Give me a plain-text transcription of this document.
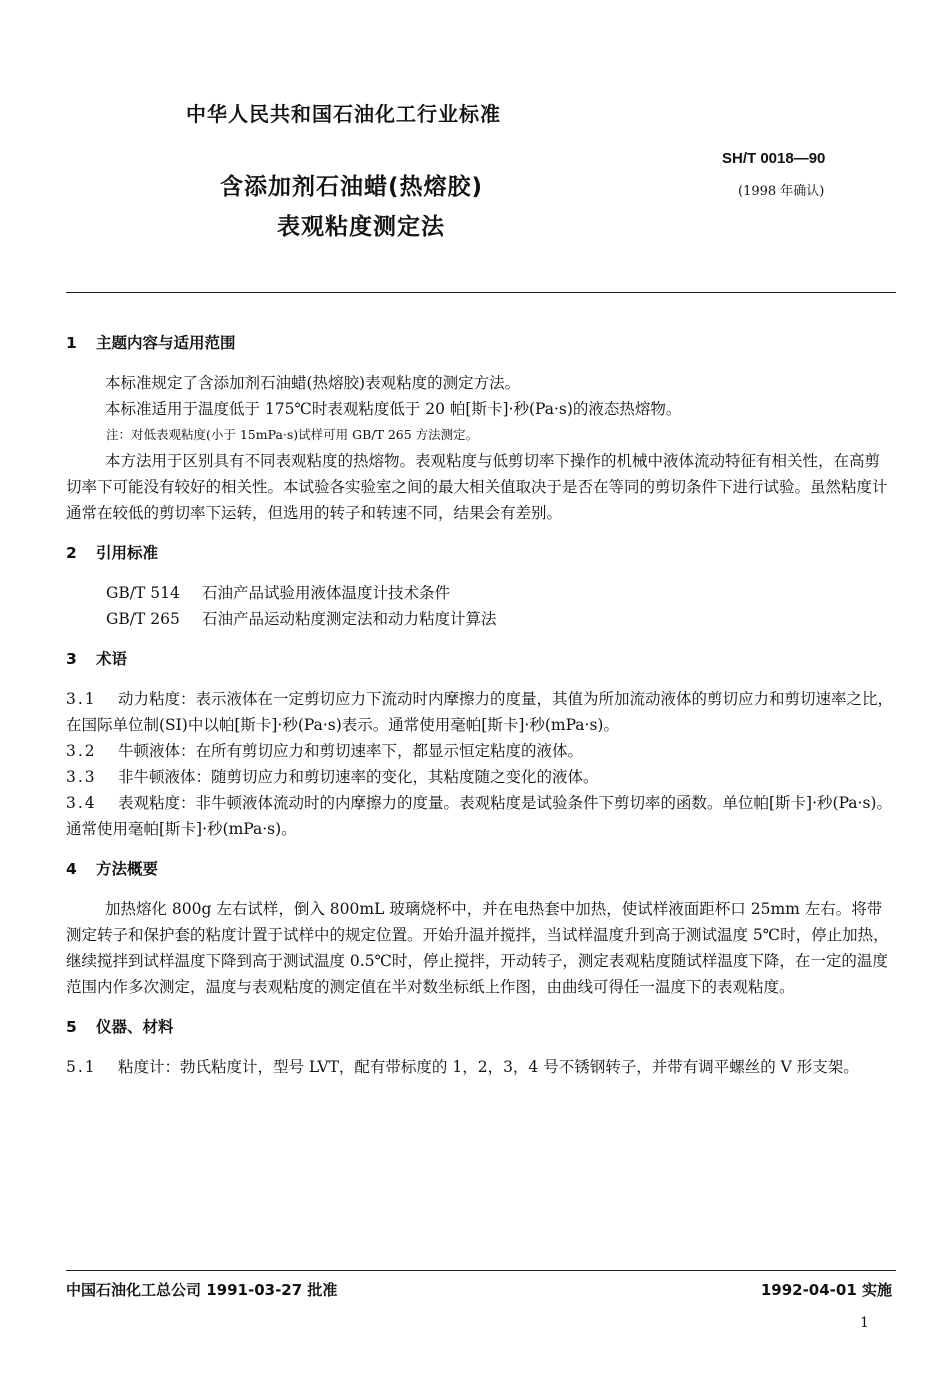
中华人民共和国石油化工行业标准
SH/T 0018—90
(1998 年确认)
含添加剂石油蜡(热熔胶)
表观粘度测定法
1 主题内容与适用范围

本标准规定了含添加剂石油蜡(热熔胶)表观粘度的测定方法。

本标准适用于温度低于 175℃时表观粘度低于 20 帕[斯卡]·秒(Pa·s)的液态热熔物。

注：对低表观粘度(小于 15mPa·s)试样可用 GB/T 265 方法测定。

本方法用于区别具有不同表观粘度的热熔物。表观粘度与低剪切率下操作的机械中液体流动特征有相关性，在高剪切率下可能没有较好的相关性。本试验各实验室之间的最大相关值取决于是否在等同的剪切条件下进行试验。虽然粘度计通常在较低的剪切率下运转，但选用的转子和转速不同，结果会有差别。

2 引用标准

GB/T 514 石油产品试验用液体温度计技术条件

GB/T 265 石油产品运动粘度测定法和动力粘度计算法

3 术语

3.1 动力粘度：表示液体在一定剪切应力下流动时内摩擦力的度量，其值为所加流动液体的剪切应力和剪切速率之比，在国际单位制(SI)中以帕[斯卡]·秒(Pa·s)表示。通常使用毫帕[斯卡]·秒(mPa·s)。

3.2 牛顿液体：在所有剪切应力和剪切速率下，都显示恒定粘度的液体。

3.3 非牛顿液体：随剪切应力和剪切速率的变化，其粘度随之变化的液体。

3.4 表观粘度：非牛顿液体流动时的内摩擦力的度量。表观粘度是试验条件下剪切率的函数。单位帕[斯卡]·秒(Pa·s)。通常使用毫帕[斯卡]·秒(mPa·s)。

4 方法概要

加热熔化 800g 左右试样，倒入 800mL 玻璃烧杯中，并在电热套中加热，使试样液面距杯口 25mm 左右。将带测定转子和保护套的粘度计置于试样中的规定位置。开始升温并搅拌，当试样温度升到高于测试温度 5℃时，停止加热，继续搅拌到试样温度下降到高于测试温度 0.5℃时，停止搅拌，开动转子，测定表观粘度随试样温度下降，在一定的温度范围内作多次测定，温度与表观粘度的测定值在半对数坐标纸上作图，由曲线可得任一温度下的表观粘度。

5 仪器、材料

5.1 粘度计：勃氏粘度计，型号 LVT，配有带标度的 1，2，3，4 号不锈钢转子，并带有调平螺丝的 V 形支架。

中国石油化工总公司 1991-03-27 批准	1992-04-01 实施
1
